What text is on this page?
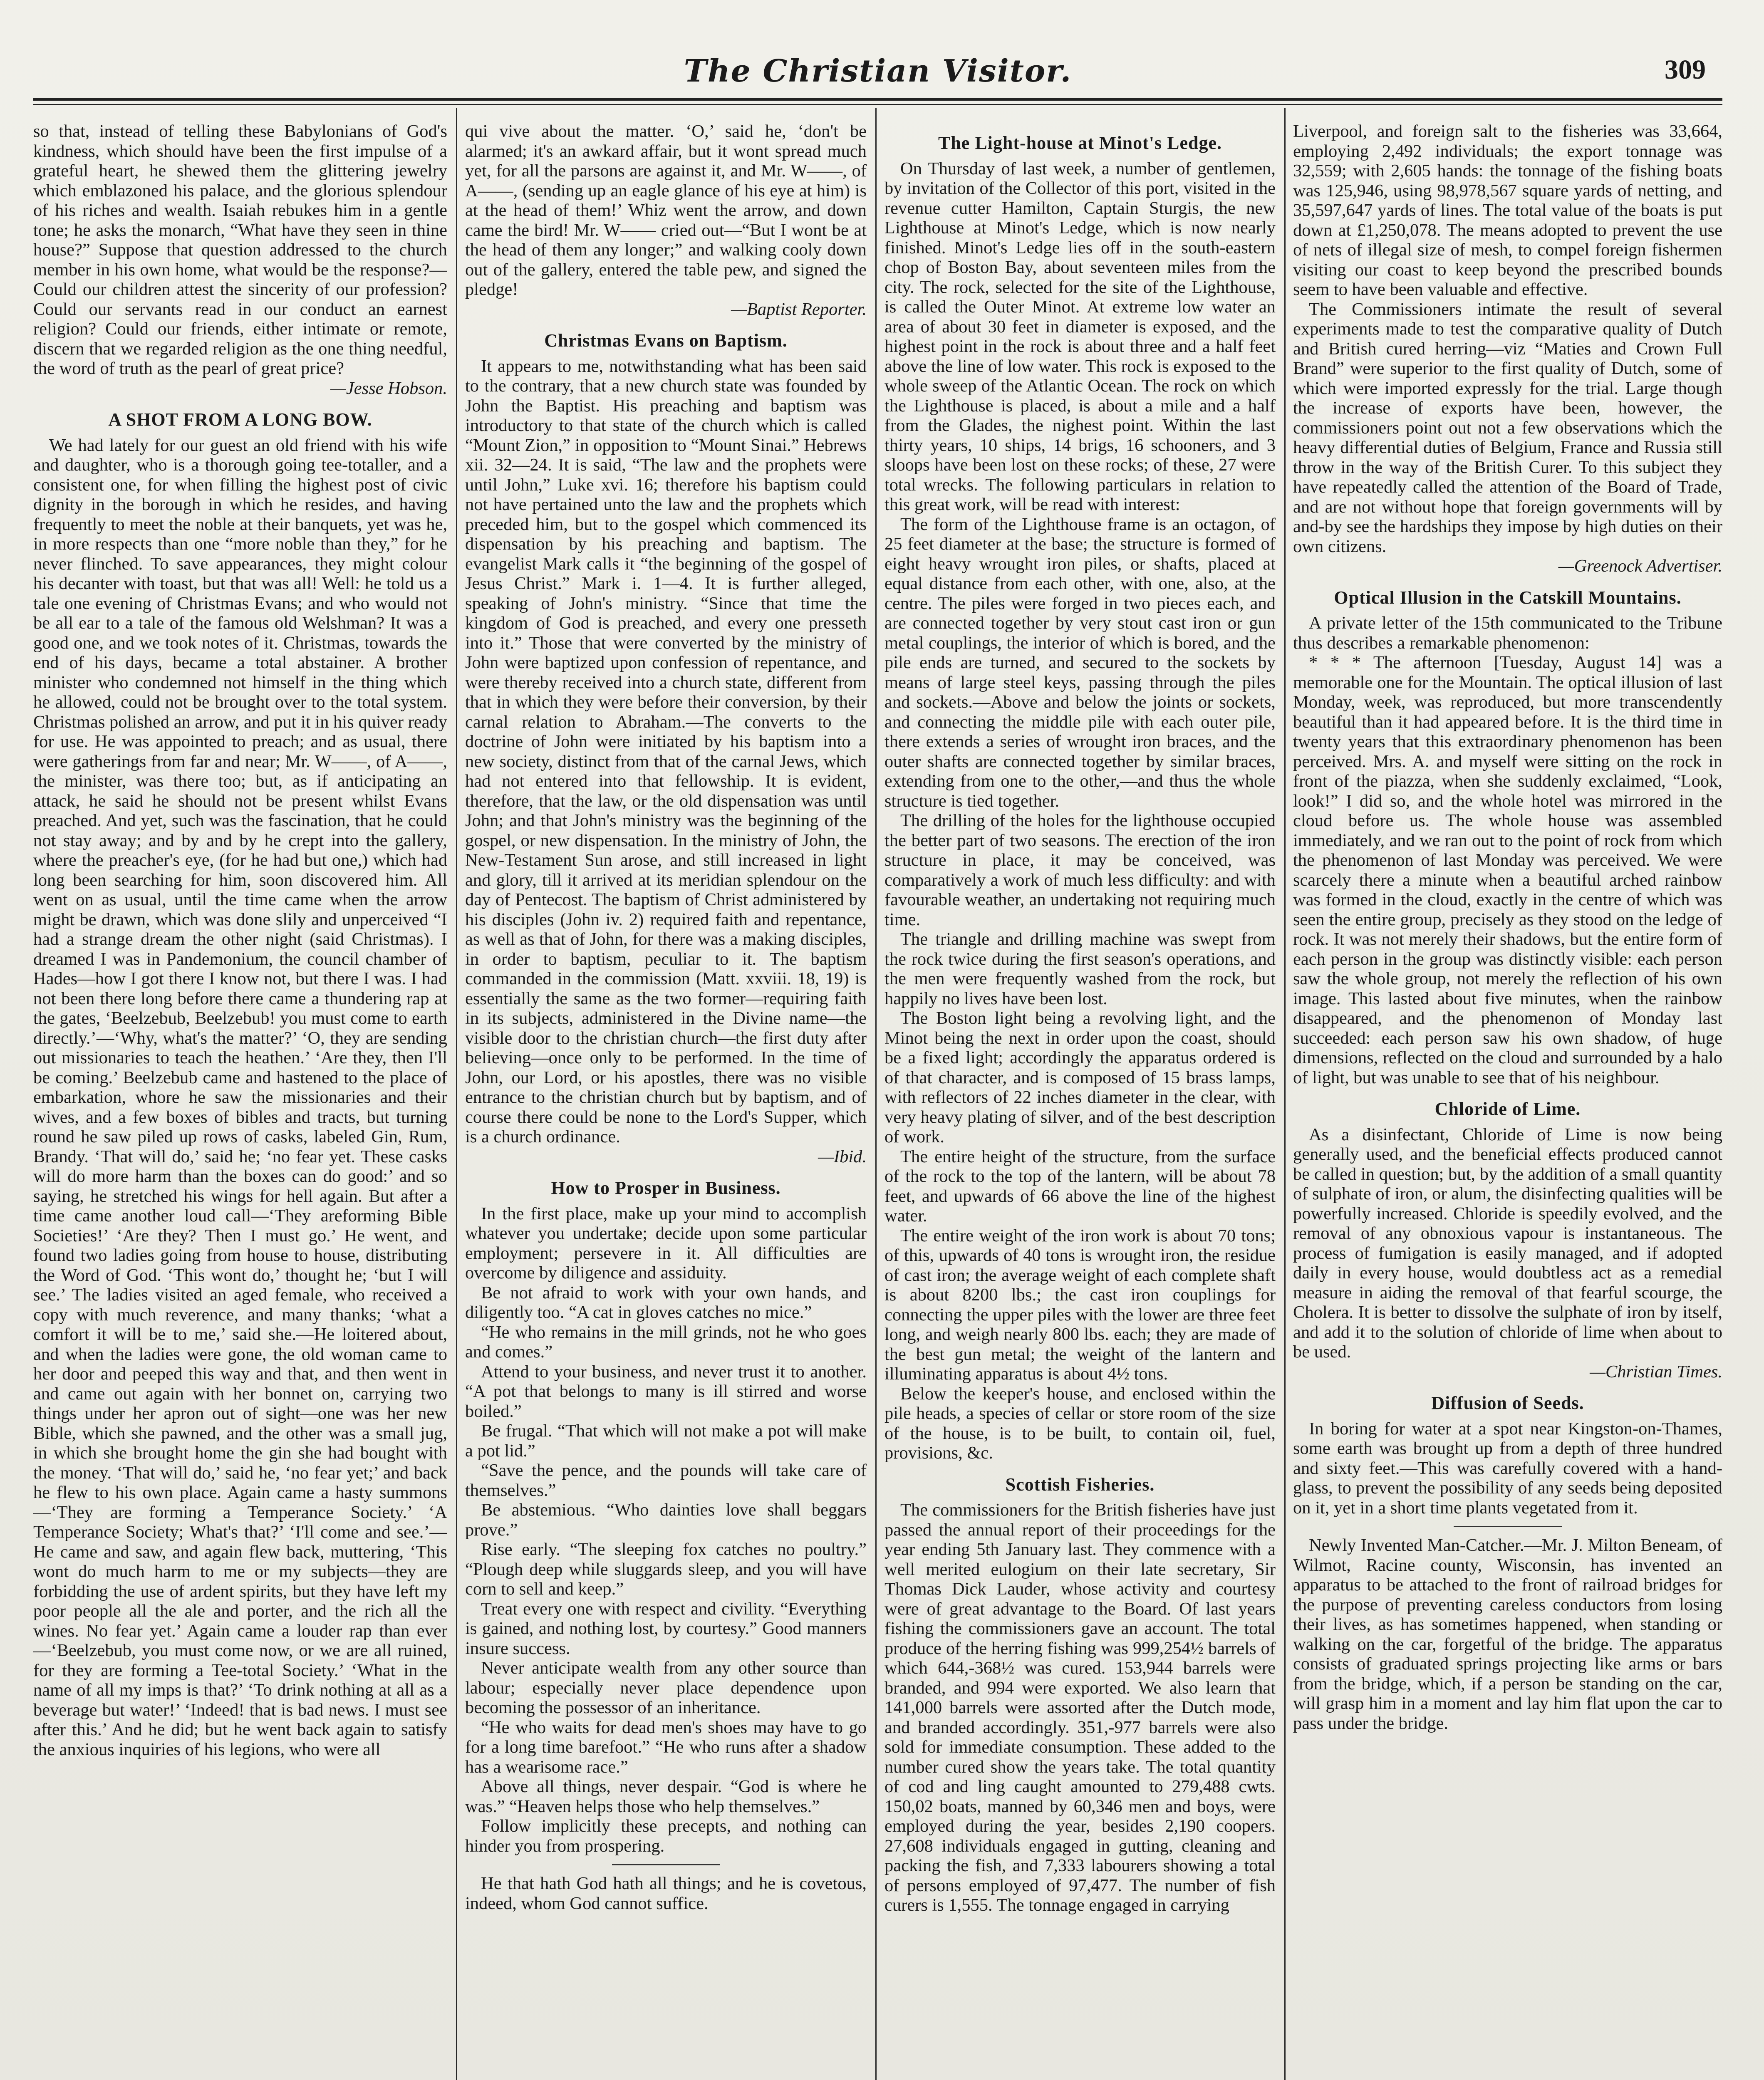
The Christian Visitor.	309

so that, instead of telling these Babylonians of God's kindness, which should have been the first impulse of a grateful heart, he shewed them the glittering jewelry which emblazoned his palace, and the glorious splendour of his riches and wealth. Isaiah rebukes him in a gentle tone; he asks the monarch, “What have they seen in thine house?” Suppose that question addressed to the church member in his own home, what would be the response?—Could our children attest the sincerity of our profession? Could our servants read in our conduct an earnest religion? Could our friends, either intimate or remote, discern that we regarded religion as the one thing needful, the word of truth as the pearl of great price?

—Jesse Hobson.

A SHOT FROM A LONG BOW.

We had lately for our guest an old friend with his wife and daughter, who is a thorough going tee-totaller, and a consistent one, for when filling the highest post of civic dignity in the borough in which he resides, and having frequently to meet the noble at their banquets, yet was he, in more respects than one “more noble than they,” for he never flinched. To save appearances, they might colour his decanter with toast, but that was all! Well: he told us a tale one evening of Christmas Evans; and who would not be all ear to a tale of the famous old Welshman? It was a good one, and we took notes of it. Christmas, towards the end of his days, became a total abstainer. A brother minister who condemned not himself in the thing which he allowed, could not be brought over to the total system. Christmas polished an arrow, and put it in his quiver ready for use. He was appointed to preach; and as usual, there were gatherings from far and near; Mr. W——, of A——, the minister, was there too; but, as if anticipating an attack, he said he should not be present whilst Evans preached. And yet, such was the fascination, that he could not stay away; and by and by he crept into the gallery, where the preacher's eye, (for he had but one,) which had long been searching for him, soon discovered him. All went on as usual, until the time came when the arrow might be drawn, which was done slily and unperceived “I had a strange dream the other night (said Christmas). I dreamed I was in Pandemonium, the council chamber of Hades—how I got there I know not, but there I was. I had not been there long before there came a thundering rap at the gates, ‘Beelzebub, Beelzebub! you must come to earth directly.’—‘Why, what's the matter?’ ‘O, they are sending out missionaries to teach the heathen.’ ‘Are they, then I'll be coming.’ Beelzebub came and hastened to the place of embarkation, whore he saw the missionaries and their wives, and a few boxes of bibles and tracts, but turning round he saw piled up rows of casks, labeled Gin, Rum, Brandy. ‘That will do,’ said he; ‘no fear yet. These casks will do more harm than the boxes can do good:’ and so saying, he stretched his wings for hell again. But after a time came another loud call—‘They areforming Bible Societies!’ ‘Are they? Then I must go.’ He went, and found two ladies going from house to house, distributing the Word of God. ‘This wont do,’ thought he; ‘but I will see.’ The ladies visited an aged female, who received a copy with much reverence, and many thanks; ‘what a comfort it will be to me,’ said she.—He loitered about, and when the ladies were gone, the old woman came to her door and peeped this way and that, and then went in and came out again with her bonnet on, carrying two things under her apron out of sight—one was her new Bible, which she pawned, and the other was a small jug, in which she brought home the gin she had bought with the money. ‘That will do,’ said he, ‘no fear yet;’ and back he flew to his own place. Again came a hasty summons—‘They are forming a Temperance Society.’ ‘A Temperance Society; What's that?’ ‘I'll come and see.’—He came and saw, and again flew back, muttering, ‘This wont do much harm to me or my subjects—they are forbidding the use of ardent spirits, but they have left my poor people all the ale and porter, and the rich all the wines. No fear yet.’ Again came a louder rap than ever—‘Beelzebub, you must come now, or we are all ruined, for they are forming a Tee-total Society.’ ‘What in the name of all my imps is that?’ ‘To drink nothing at all as a beverage but water!’ ‘Indeed! that is bad news. I must see after this.’ And he did; but he went back again to satisfy the anxious inquiries of his legions, who were all

qui vive about the matter. ‘O,’ said he, ‘don't be alarmed; it's an awkard affair, but it wont spread much yet, for all the parsons are against it, and Mr. W——, of A——, (sending up an eagle glance of his eye at him) is at the head of them!’ Whiz went the arrow, and down came the bird! Mr. W—— cried out—“But I wont be at the head of them any longer;” and walking cooly down out of the gallery, entered the table pew, and signed the pledge!

—Baptist Reporter.

Christmas Evans on Baptism.

It appears to me, notwithstanding what has been said to the contrary, that a new church state was founded by John the Baptist. His preaching and baptism was introductory to that state of the church which is called “Mount Zion,” in opposition to “Mount Sinai.” Hebrews xii. 32—24. It is said, “The law and the prophets were until John,” Luke xvi. 16; therefore his baptism could not have pertained unto the law and the prophets which preceded him, but to the gospel which commenced its dispensation by his preaching and baptism. The evangelist Mark calls it “the beginning of the gospel of Jesus Christ.” Mark i. 1—4. It is further alleged, speaking of John's ministry. “Since that time the kingdom of God is preached, and every one presseth into it.” Those that were converted by the ministry of John were baptized upon confession of repentance, and were thereby received into a church state, different from that in which they were before their conversion, by their carnal relation to Abraham.—The converts to the doctrine of John were initiated by his baptism into a new society, distinct from that of the carnal Jews, which had not entered into that fellowship. It is evident, therefore, that the law, or the old dispensation was until John; and that John's ministry was the beginning of the gospel, or new dispensation. In the ministry of John, the New-Testament Sun arose, and still increased in light and glory, till it arrived at its meridian splendour on the day of Pentecost. The baptism of Christ administered by his disciples (John iv. 2) required faith and repentance, as well as that of John, for there was a making disciples, in order to baptism, peculiar to it. The baptism commanded in the commission (Matt. xxviii. 18, 19) is essentially the same as the two former—requiring faith in its subjects, administered in the Divine name—the visible door to the christian church—the first duty after believing—once only to be performed. In the time of John, our Lord, or his apostles, there was no visible entrance to the christian church but by baptism, and of course there could be none to the Lord's Supper, which is a church ordinance.

—Ibid.

How to Prosper in Business.

In the first place, make up your mind to accomplish whatever you undertake; decide upon some particular employment; persevere in it. All difficulties are overcome by diligence and assiduity.

Be not afraid to work with your own hands, and diligently too. “A cat in gloves catches no mice.”

“He who remains in the mill grinds, not he who goes and comes.”

Attend to your business, and never trust it to another. “A pot that belongs to many is ill stirred and worse boiled.”

Be frugal. “That which will not make a pot will make a pot lid.”

“Save the pence, and the pounds will take care of themselves.”

Be abstemious. “Who dainties love shall beggars prove.”

Rise early. “The sleeping fox catches no poultry.” “Plough deep while sluggards sleep, and you will have corn to sell and keep.”

Treat every one with respect and civility. “Everything is gained, and nothing lost, by courtesy.” Good manners insure success.

Never anticipate wealth from any other source than labour; especially never place dependence upon becoming the possessor of an inheritance.

“He who waits for dead men's shoes may have to go for a long time barefoot.” “He who runs after a shadow has a wearisome race.”

Above all things, never despair. “God is where he was.” “Heaven helps those who help themselves.”

Follow implicitly these precepts, and nothing can hinder you from prospering.

He that hath God hath all things; and he is covetous, indeed, whom God cannot suffice.

The Light-house at Minot's Ledge.

On Thursday of last week, a number of gentlemen, by invitation of the Collector of this port, visited in the revenue cutter Hamilton, Captain Sturgis, the new Lighthouse at Minot's Ledge, which is now nearly finished. Minot's Ledge lies off in the south-eastern chop of Boston Bay, about seventeen miles from the city. The rock, selected for the site of the Lighthouse, is called the Outer Minot. At extreme low water an area of about 30 feet in diameter is exposed, and the highest point in the rock is about three and a half feet above the line of low water. This rock is exposed to the whole sweep of the Atlantic Ocean. The rock on which the Lighthouse is placed, is about a mile and a half from the Glades, the nighest point. Within the last thirty years, 10 ships, 14 brigs, 16 schooners, and 3 sloops have been lost on these rocks; of these, 27 were total wrecks. The following particulars in relation to this great work, will be read with interest:

The form of the Lighthouse frame is an octagon, of 25 feet diameter at the base; the structure is formed of eight heavy wrought iron piles, or shafts, placed at equal distance from each other, with one, also, at the centre. The piles were forged in two pieces each, and are connected together by very stout cast iron or gun metal couplings, the interior of which is bored, and the pile ends are turned, and secured to the sockets by means of large steel keys, passing through the piles and sockets.—Above and below the joints or sockets, and connecting the middle pile with each outer pile, there extends a series of wrought iron braces, and the outer shafts are connected together by similar braces, extending from one to the other,—and thus the whole structure is tied together.

The drilling of the holes for the lighthouse occupied the better part of two seasons. The erection of the iron structure in place, it may be conceived, was comparatively a work of much less difficulty: and with favourable weather, an undertaking not requiring much time.

The triangle and drilling machine was swept from the rock twice during the first season's operations, and the men were frequently washed from the rock, but happily no lives have been lost.

The Boston light being a revolving light, and the Minot being the next in order upon the coast, should be a fixed light; accordingly the apparatus ordered is of that character, and is composed of 15 brass lamps, with reflectors of 22 inches diameter in the clear, with very heavy plating of silver, and of the best description of work.

The entire height of the structure, from the surface of the rock to the top of the lantern, will be about 78 feet, and upwards of 66 above the line of the highest water.

The entire weight of the iron work is about 70 tons; of this, upwards of 40 tons is wrought iron, the residue of cast iron; the average weight of each complete shaft is about 8200 lbs.; the cast iron couplings for connecting the upper piles with the lower are three feet long, and weigh nearly 800 lbs. each; they are made of the best gun metal; the weight of the lantern and illuminating apparatus is about 4½ tons.

Below the keeper's house, and enclosed within the pile heads, a species of cellar or store room of the size of the house, is to be built, to contain oil, fuel, provisions, &c.

Scottish Fisheries.

The commissioners for the British fisheries have just passed the annual report of their proceedings for the year ending 5th January last. They commence with a well merited eulogium on their late secretary, Sir Thomas Dick Lauder, whose activity and courtesy were of great advantage to the Board. Of last years fishing the commissioners gave an account. The total produce of the herring fishing was 999,254½ barrels of which 644,-368½ was cured. 153,944 barrels were branded, and 994 were exported. We also learn that 141,000 barrels were assorted after the Dutch mode, and branded accordingly. 351,-977 barrels were also sold for immediate consumption. These added to the number cured show the years take. The total quantity of cod and ling caught amounted to 279,488 cwts. 150,02 boats, manned by 60,346 men and boys, were employed during the year, besides 2,190 coopers. 27,608 individuals engaged in gutting, cleaning and packing the fish, and 7,333 labourers showing a total of persons employed of 97,477. The number of fish curers is 1,555. The tonnage engaged in carrying

Liverpool, and foreign salt to the fisheries was 33,664, employing 2,492 individuals; the export tonnage was 32,559; with 2,605 hands: the tonnage of the fishing boats was 125,946, using 98,978,567 square yards of netting, and 35,597,647 yards of lines. The total value of the boats is put down at £1,250,078. The means adopted to prevent the use of nets of illegal size of mesh, to compel foreign fishermen visiting our coast to keep beyond the prescribed bounds seem to have been valuable and effective.

The Commissioners intimate the result of several experiments made to test the comparative quality of Dutch and British cured herring—viz “Maties and Crown Full Brand” were superior to the first quality of Dutch, some of which were imported expressly for the trial. Large though the increase of exports have been, however, the commissioners point out not a few observations which the heavy differential duties of Belgium, France and Russia still throw in the way of the British Curer. To this subject they have repeatedly called the attention of the Board of Trade, and are not without hope that foreign governments will by and-by see the hardships they impose by high duties on their own citizens.

—Greenock Advertiser.

Optical Illusion in the Catskill Mountains.

A private letter of the 15th communicated to the Tribune thus describes a remarkable phenomenon:

* * * The afternoon [Tuesday, August 14] was a memorable one for the Mountain. The optical illusion of last Monday, week, was reproduced, but more transcendently beautiful than it had appeared before. It is the third time in twenty years that this extraordinary phenomenon has been perceived. Mrs. A. and myself were sitting on the rock in front of the piazza, when she suddenly exclaimed, “Look, look!” I did so, and the whole hotel was mirrored in the cloud before us. The whole house was assembled immediately, and we ran out to the point of rock from which the phenomenon of last Monday was perceived. We were scarcely there a minute when a beautiful arched rainbow was formed in the cloud, exactly in the centre of which was seen the entire group, precisely as they stood on the ledge of rock. It was not merely their shadows, but the entire form of each person in the group was distinctly visible: each person saw the whole group, not merely the reflection of his own image. This lasted about five minutes, when the rainbow disappeared, and the phenomenon of Monday last succeeded: each person saw his own shadow, of huge dimensions, reflected on the cloud and surrounded by a halo of light, but was unable to see that of his neighbour.

Chloride of Lime.

As a disinfectant, Chloride of Lime is now being generally used, and the beneficial effects produced cannot be called in question; but, by the addition of a small quantity of sulphate of iron, or alum, the disinfecting qualities will be powerfully increased. Chloride is speedily evolved, and the removal of any obnoxious vapour is instantaneous. The process of fumigation is easily managed, and if adopted daily in every house, would doubtless act as a remedial measure in aiding the removal of that fearful scourge, the Cholera. It is better to dissolve the sulphate of iron by itself, and add it to the solution of chloride of lime when about to be used.

—Christian Times.

Diffusion of Seeds.

In boring for water at a spot near Kingston-on-Thames, some earth was brought up from a depth of three hundred and sixty feet.—This was carefully covered with a hand-glass, to prevent the possibility of any seeds being deposited on it, yet in a short time plants vegetated from it.

Newly Invented Man-Catcher.—Mr. J. Milton Beneam, of Wilmot, Racine county, Wisconsin, has invented an apparatus to be attached to the front of railroad bridges for the purpose of preventing careless conductors from losing their lives, as has sometimes happened, when standing or walking on the car, forgetful of the bridge. The apparatus consists of graduated springs projecting like arms or bars from the bridge, which, if a person be standing on the car, will grasp him in a moment and lay him flat upon the car to pass under the bridge.
